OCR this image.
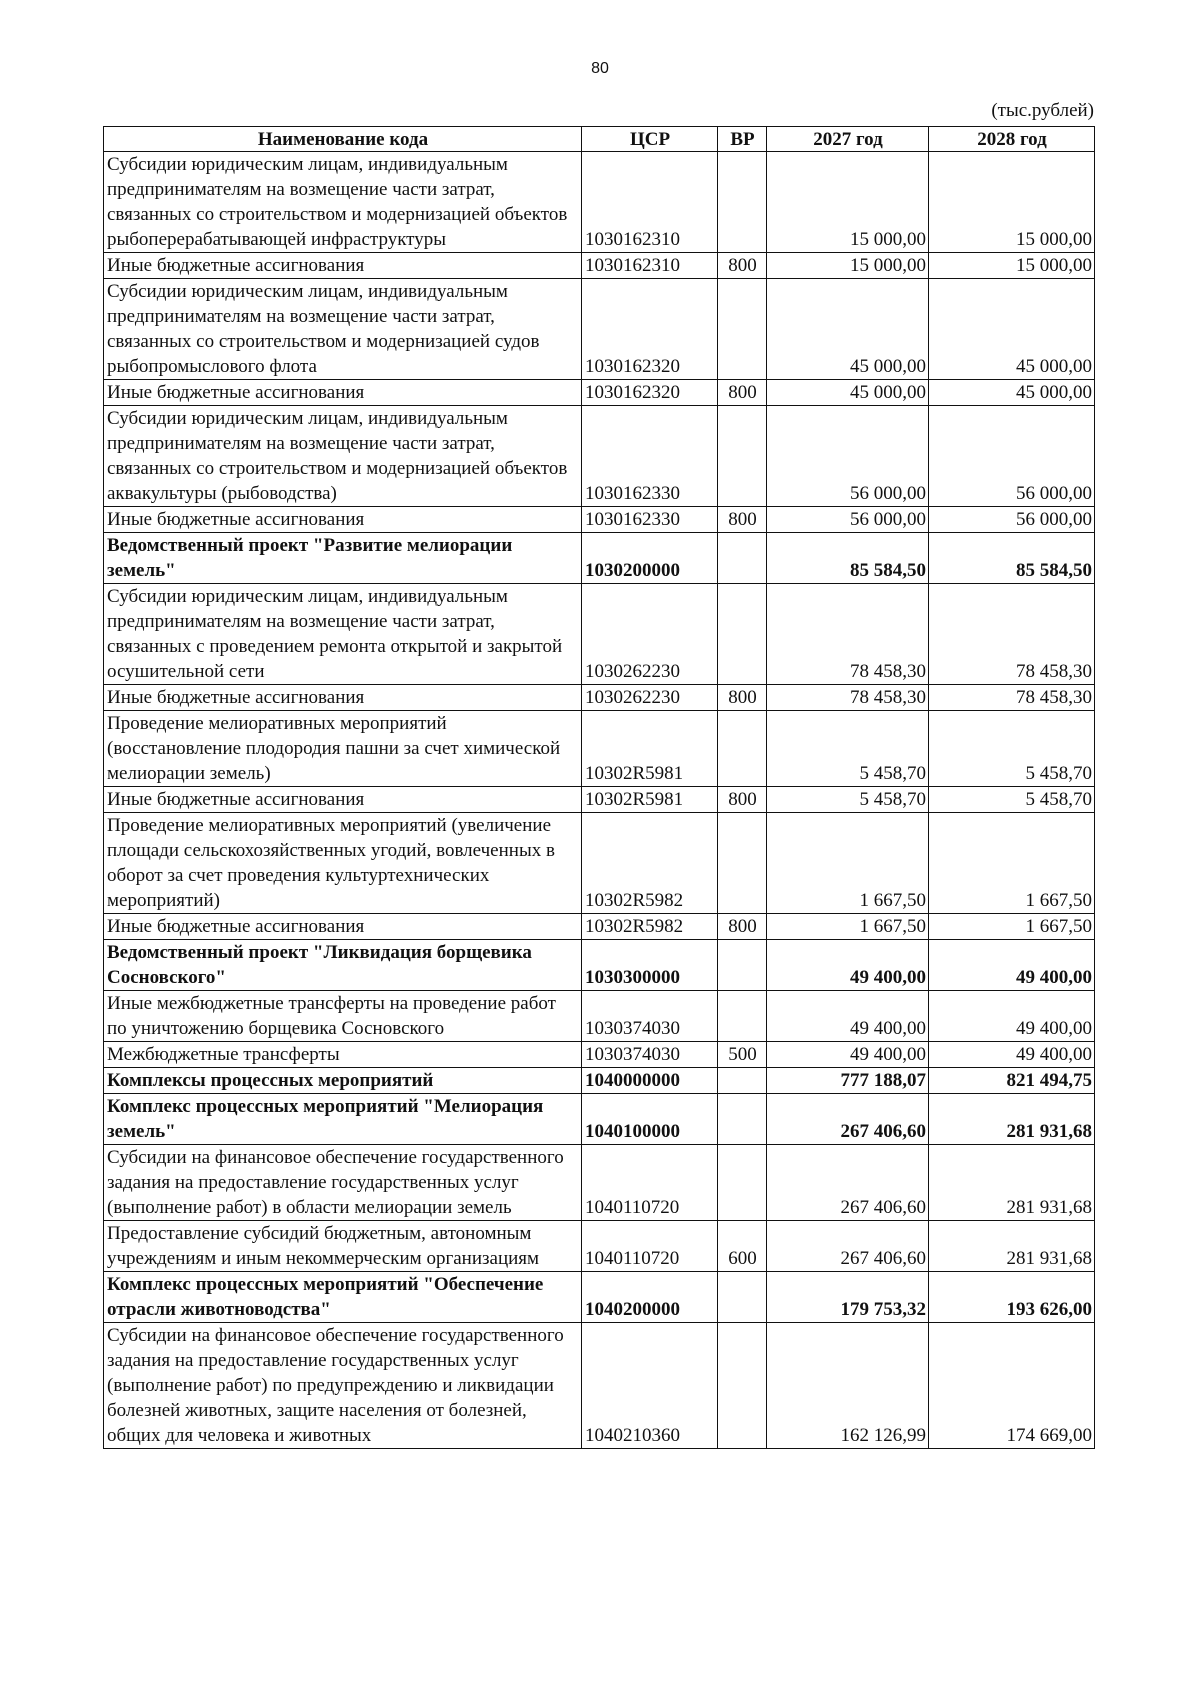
80
(тыс.рублей)
Наименование кода	ЦСР	ВР	2027 год	2028 год
Субсидии юридическим лицам, индивидуальным предпринимателям на возмещение части затрат, связанных со строительством и модернизацией объектов рыбоперерабатывающей инфраструктуры	1030162310		15 000,00	15 000,00
Иные бюджетные ассигнования	1030162310	800	15 000,00	15 000,00
Субсидии юридическим лицам, индивидуальным предпринимателям на возмещение части затрат, связанных со строительством и модернизацией судов рыбопромыслового флота	1030162320		45 000,00	45 000,00
Иные бюджетные ассигнования	1030162320	800	45 000,00	45 000,00
Субсидии юридическим лицам, индивидуальным предпринимателям на возмещение части затрат, связанных со строительством и модернизацией объектов аквакультуры (рыбоводства)	1030162330		56 000,00	56 000,00
Иные бюджетные ассигнования	1030162330	800	56 000,00	56 000,00
Ведомственный проект "Развитие мелиорации земель"	1030200000		85 584,50	85 584,50
Субсидии юридическим лицам, индивидуальным предпринимателям на возмещение части затрат, связанных с проведением ремонта открытой и закрытой осушительной сети	1030262230		78 458,30	78 458,30
Иные бюджетные ассигнования	1030262230	800	78 458,30	78 458,30
Проведение мелиоративных мероприятий (восстановление плодородия пашни за счет химической мелиорации земель)	10302R5981		5 458,70	5 458,70
Иные бюджетные ассигнования	10302R5981	800	5 458,70	5 458,70
Проведение мелиоративных мероприятий (увеличение площади сельскохозяйственных угодий, вовлеченных в оборот за счет проведения культуртехнических мероприятий)	10302R5982		1 667,50	1 667,50
Иные бюджетные ассигнования	10302R5982	800	1 667,50	1 667,50
Ведомственный проект "Ликвидация борщевика Сосновского"	1030300000		49 400,00	49 400,00
Иные межбюджетные трансферты на проведение работ по уничтожению борщевика Сосновского	1030374030		49 400,00	49 400,00
Межбюджетные трансферты	1030374030	500	49 400,00	49 400,00
Комплексы процессных мероприятий	1040000000		777 188,07	821 494,75
Комплекс процессных мероприятий "Мелиорация земель"	1040100000		267 406,60	281 931,68
Субсидии на финансовое обеспечение государственного задания на предоставление государственных услуг (выполнение работ) в области мелиорации земель	1040110720		267 406,60	281 931,68
Предоставление субсидий бюджетным, автономным учреждениям и иным некоммерческим организациям	1040110720	600	267 406,60	281 931,68
Комплекс процессных мероприятий "Обеспечение отрасли животноводства"	1040200000		179 753,32	193 626,00
Субсидии на финансовое обеспечение государственного задания на предоставление государственных услуг (выполнение работ) по предупреждению и ликвидации болезней животных, защите населения от болезней, общих для человека и животных	1040210360		162 126,99	174 669,00
